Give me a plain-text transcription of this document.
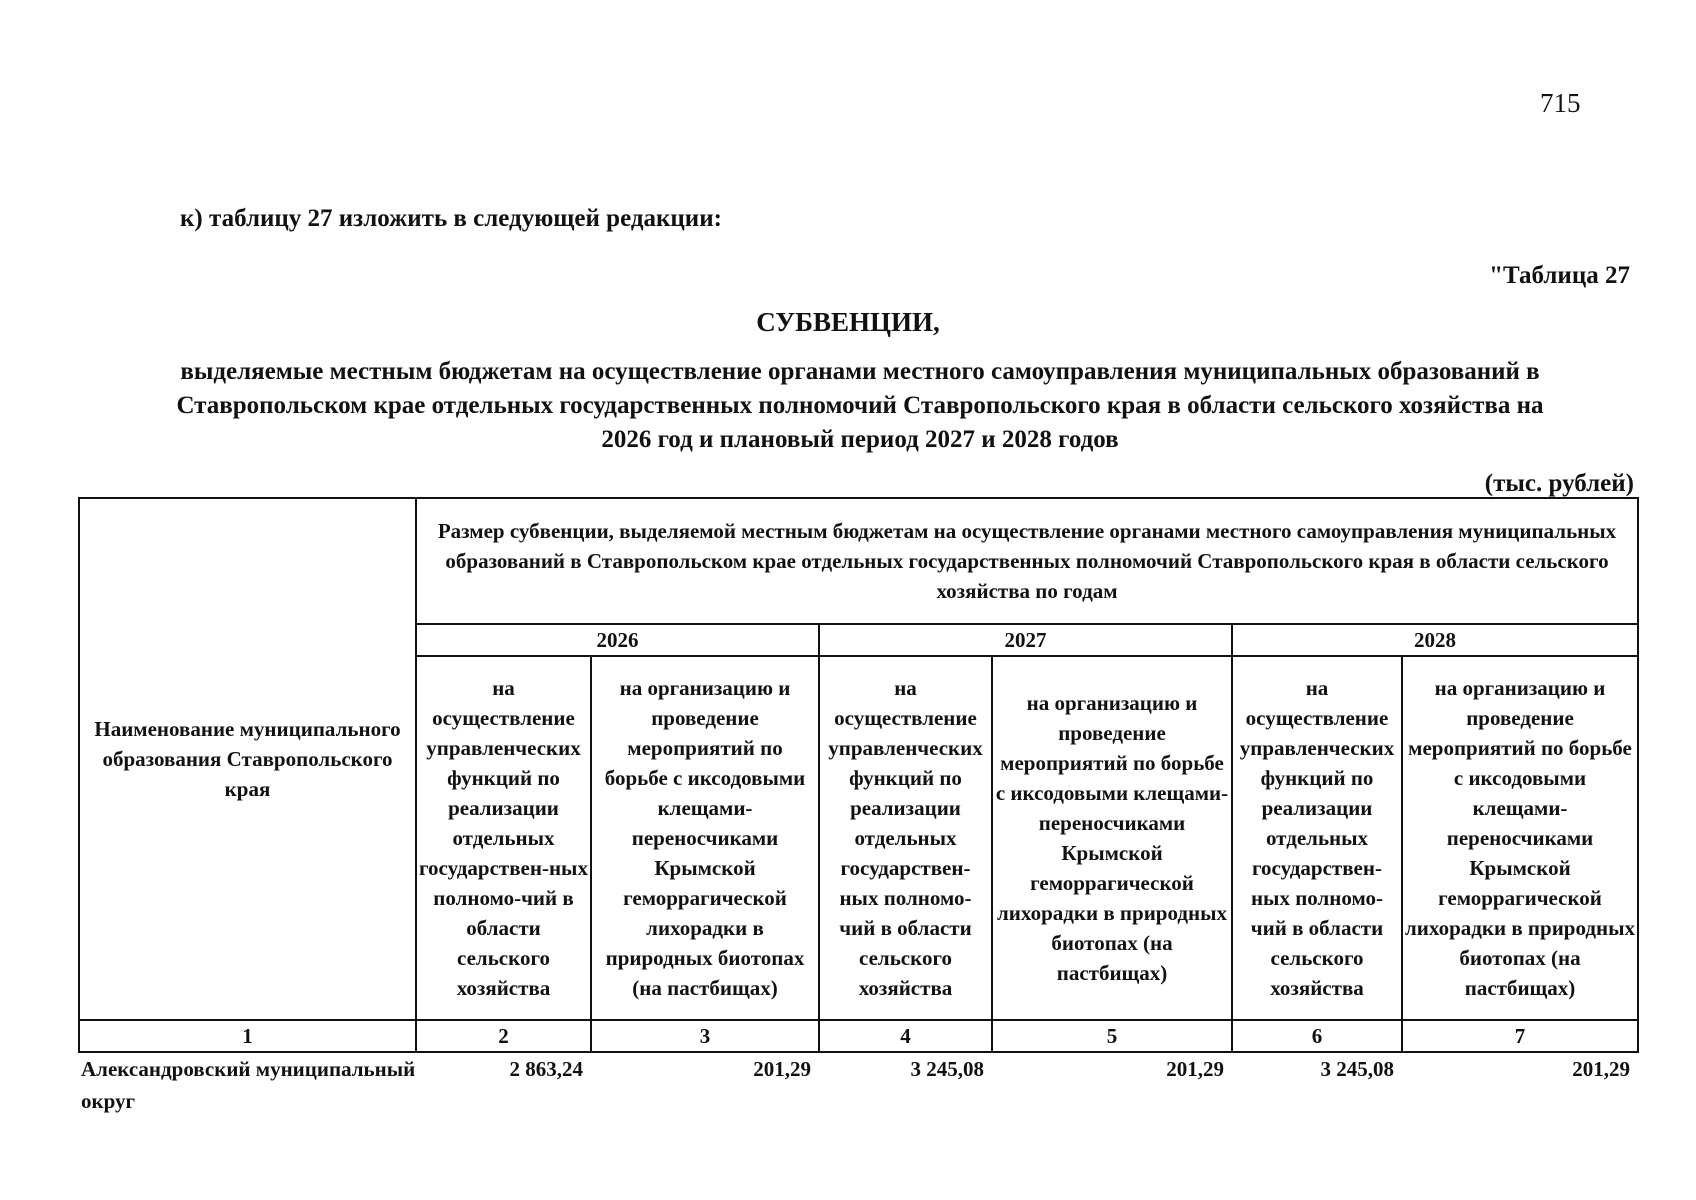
715
к) таблицу 27 изложить в следующей редакции:
"Таблица 27
СУБВЕНЦИИ,
выделяемые местным бюджетам на осуществление органами местного самоуправления муниципальных образований в Ставропольском крае отдельных государственных полномочий Ставропольского края в области сельского хозяйства на 2026 год и плановый период 2027 и 2028 годов
(тыс. рублей)
Наименование муниципального образования Ставропольского края	Размер субвенции, выделяемой местным бюджетам на осуществление органами местного самоуправления муниципальных образований в Ставропольском крае отдельных государственных полномочий Ставропольского края в области сельского хозяйства по годам					
	2026		2027		2028	
	на осуществление управленческих функций по реализации отдельных государствен-ных полномо-чий в области сельского хозяйства	на организацию и проведение мероприятий по борьбе с иксодовыми клещами-переносчиками Крымской геморрагической лихорадки в природных биотопах (на пастбищах)	на осуществление управленческих функций по реализации отдельных государствен-ных полномо-чий в области сельского хозяйства	на организацию и проведение мероприятий по борьбе с иксодовыми клещами-переносчиками Крымской геморрагической лихорадки в природных биотопах (на пастбищах)	на осуществление управленческих функций по реализации отдельных государствен-ных полномо-чий в области сельского хозяйства	на организацию и проведение мероприятий по борьбе с иксодовыми клещами-переносчиками Крымской геморрагической лихорадки в природных биотопах (на пастбищах)
1	2	3	4	5	6	7
Александровский муниципальный округ	2 863,24	201,29	3 245,08	201,29	3 245,08	201,29
